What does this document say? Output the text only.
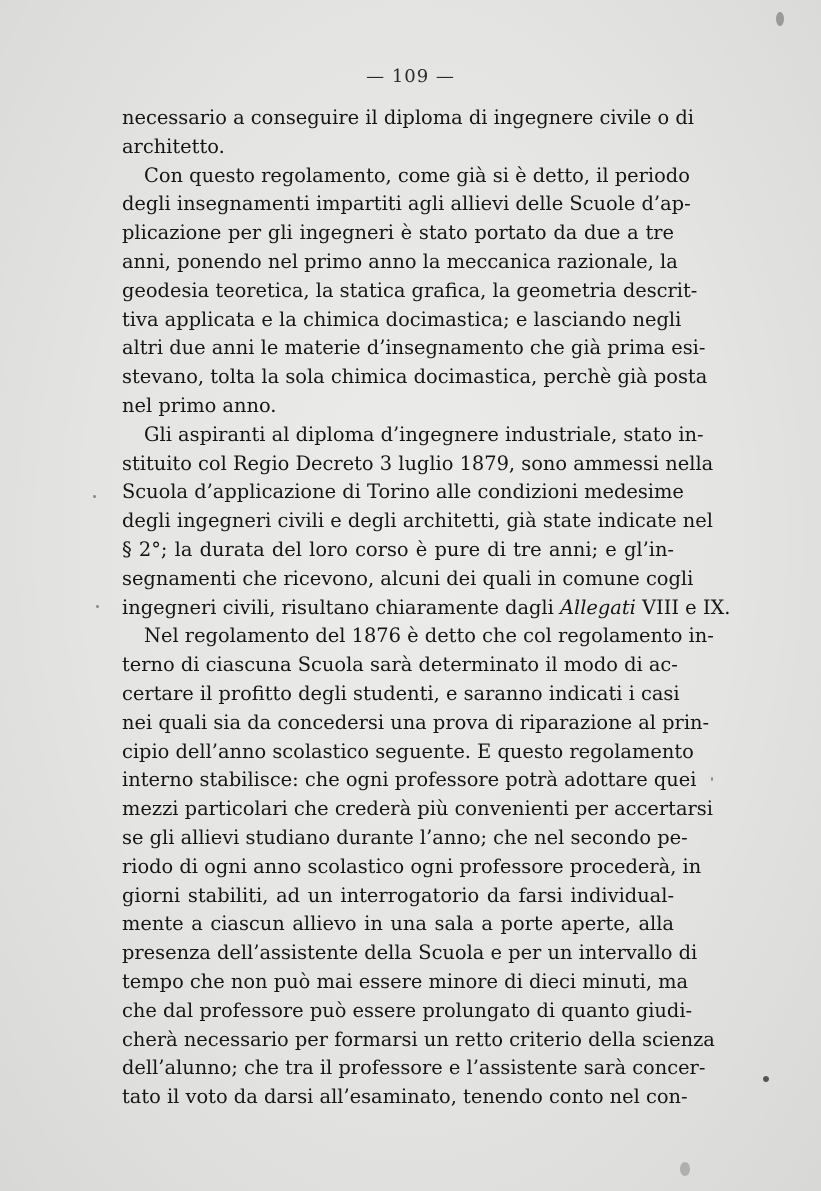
— 109 —
necessario a conseguire il diploma di ingegnere civile o di
architetto.
Con questo regolamento, come già si è detto, il periodo
degli insegnamenti impartiti agli allievi delle Scuole d’ap-
plicazione per gli ingegneri è stato portato da due a tre
anni, ponendo nel primo anno la meccanica razionale, la
geodesia teoretica, la statica grafica, la geometria descrit-
tiva applicata e la chimica docimastica; e lasciando negli
altri due anni le materie d’insegnamento che già prima esi-
stevano, tolta la sola chimica docimastica, perchè già posta
nel primo anno.
Gli aspiranti al diploma d’ingegnere industriale, stato in-
stituito col Regio Decreto 3 luglio 1879, sono ammessi nella
Scuola d’applicazione di Torino alle condizioni medesime
degli ingegneri civili e degli architetti, già state indicate nel
§ 2°; la durata del loro corso è pure di tre anni; e gl’in-
segnamenti che ricevono, alcuni dei quali in comune cogli
ingegneri civili, risultano chiaramente dagli Allegati VIII e IX.
Nel regolamento del 1876 è detto che col regolamento in-
terno di ciascuna Scuola sarà determinato il modo di ac-
certare il profitto degli studenti, e saranno indicati i casi
nei quali sia da concedersi una prova di riparazione al prin-
cipio dell’anno scolastico seguente. E questo regolamento
interno stabilisce: che ogni professore potrà adottare quei
mezzi particolari che crederà più convenienti per accertarsi
se gli allievi studiano durante l’anno; che nel secondo pe-
riodo di ogni anno scolastico ogni professore procederà, in
giorni stabiliti, ad un interrogatorio da farsi individual-
mente a ciascun allievo in una sala a porte aperte, alla
presenza dell’assistente della Scuola e per un intervallo di
tempo che non può mai essere minore di dieci minuti, ma
che dal professore può essere prolungato di quanto giudi-
cherà necessario per formarsi un retto criterio della scienza
dell’alunno; che tra il professore e l’assistente sarà concer-
tato il voto da darsi all’esaminato, tenendo conto nel con-
